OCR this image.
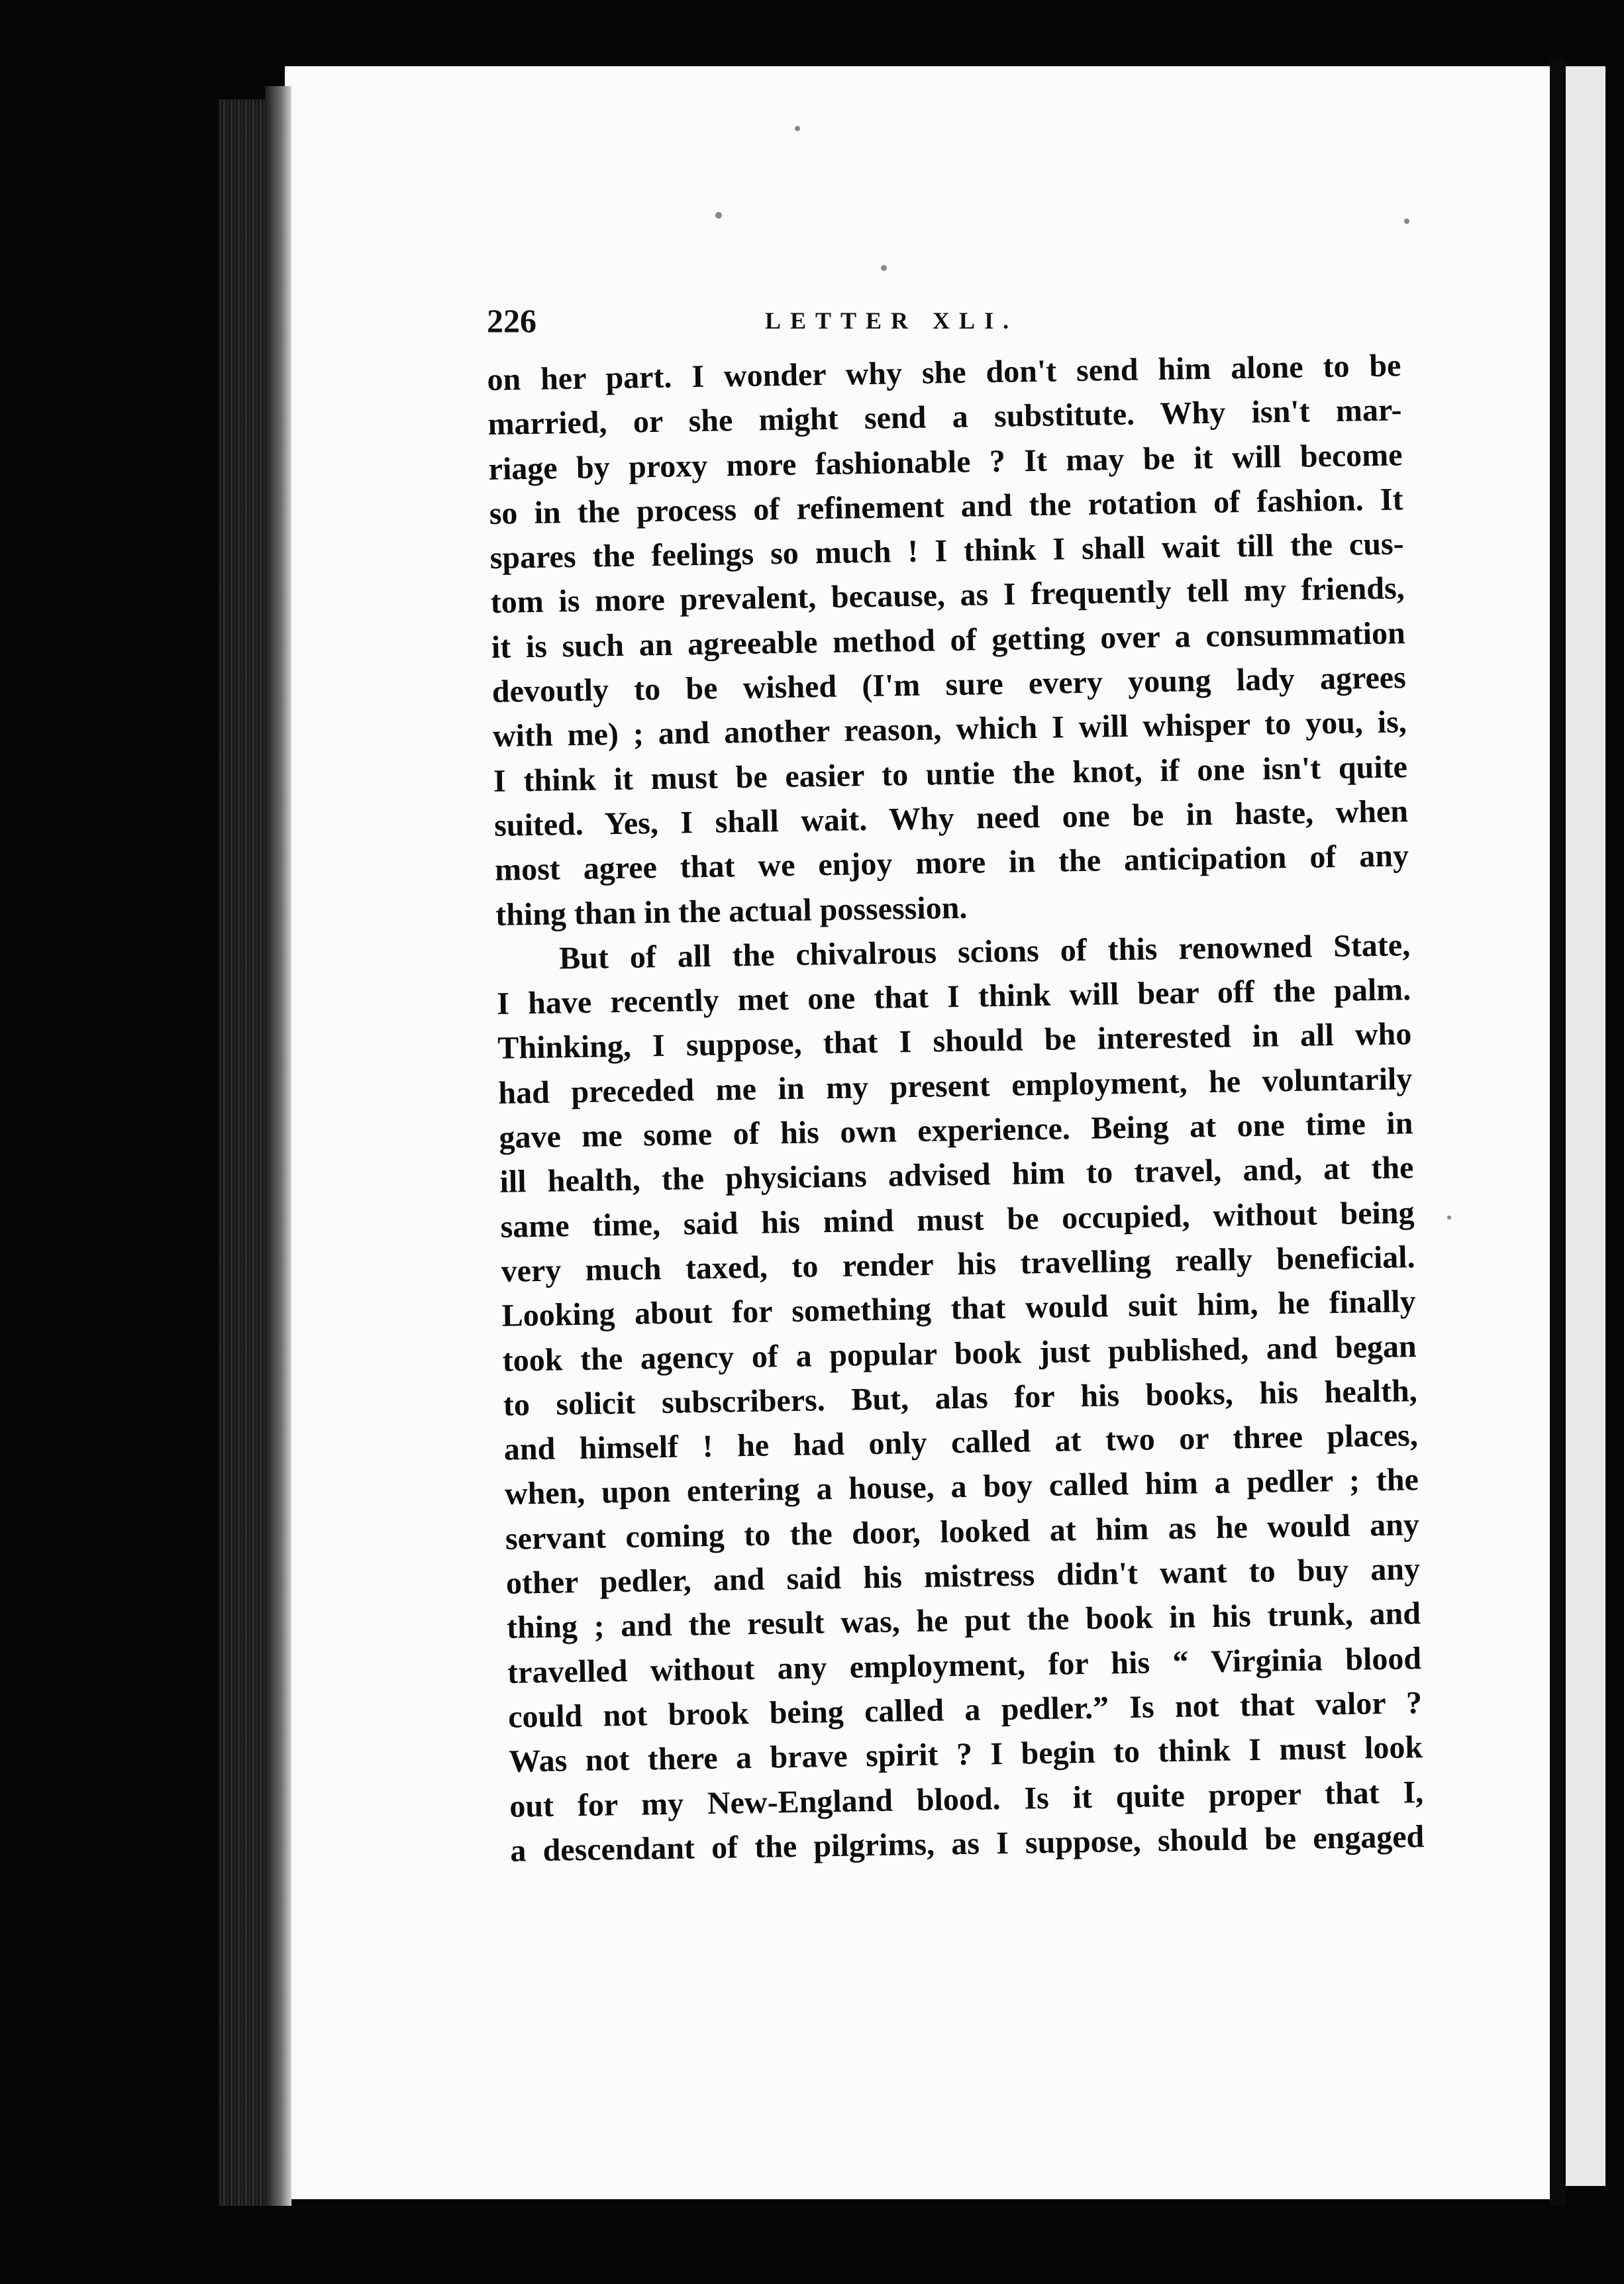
226	LETTER XLI.
on her part. I wonder why she don't send him alone to be
married, or she might send a substitute. Why isn't mar-
riage by proxy more fashionable ? It may be it will become
so in the process of refinement and the rotation of fashion. It
spares the feelings so much ! I think I shall wait till the cus-
tom is more prevalent, because, as I frequently tell my friends,
it is such an agreeable method of getting over a consummation
devoutly to be wished (I'm sure every young lady agrees
with me) ; and another reason, which I will whisper to you, is,
I think it must be easier to untie the knot, if one isn't quite
suited. Yes, I shall wait. Why need one be in haste, when
most agree that we enjoy more in the anticipation of any
thing than in the actual possession.
But of all the chivalrous scions of this renowned State,
I have recently met one that I think will bear off the palm.
Thinking, I suppose, that I should be interested in all who
had preceded me in my present employment, he voluntarily
gave me some of his own experience. Being at one time in
ill health, the physicians advised him to travel, and, at the
same time, said his mind must be occupied, without being
very much taxed, to render his travelling really beneficial.
Looking about for something that would suit him, he finally
took the agency of a popular book just published, and began
to solicit subscribers. But, alas for his books, his health,
and himself ! he had only called at two or three places,
when, upon entering a house, a boy called him a pedler ; the
servant coming to the door, looked at him as he would any
other pedler, and said his mistress didn't want to buy any
thing ; and the result was, he put the book in his trunk, and
travelled without any employment, for his “ Virginia blood
could not brook being called a pedler.” Is not that valor ?
Was not there a brave spirit ? I begin to think I must look
out for my New-England blood. Is it quite proper that I,
a descendant of the pilgrims, as I suppose, should be engaged
